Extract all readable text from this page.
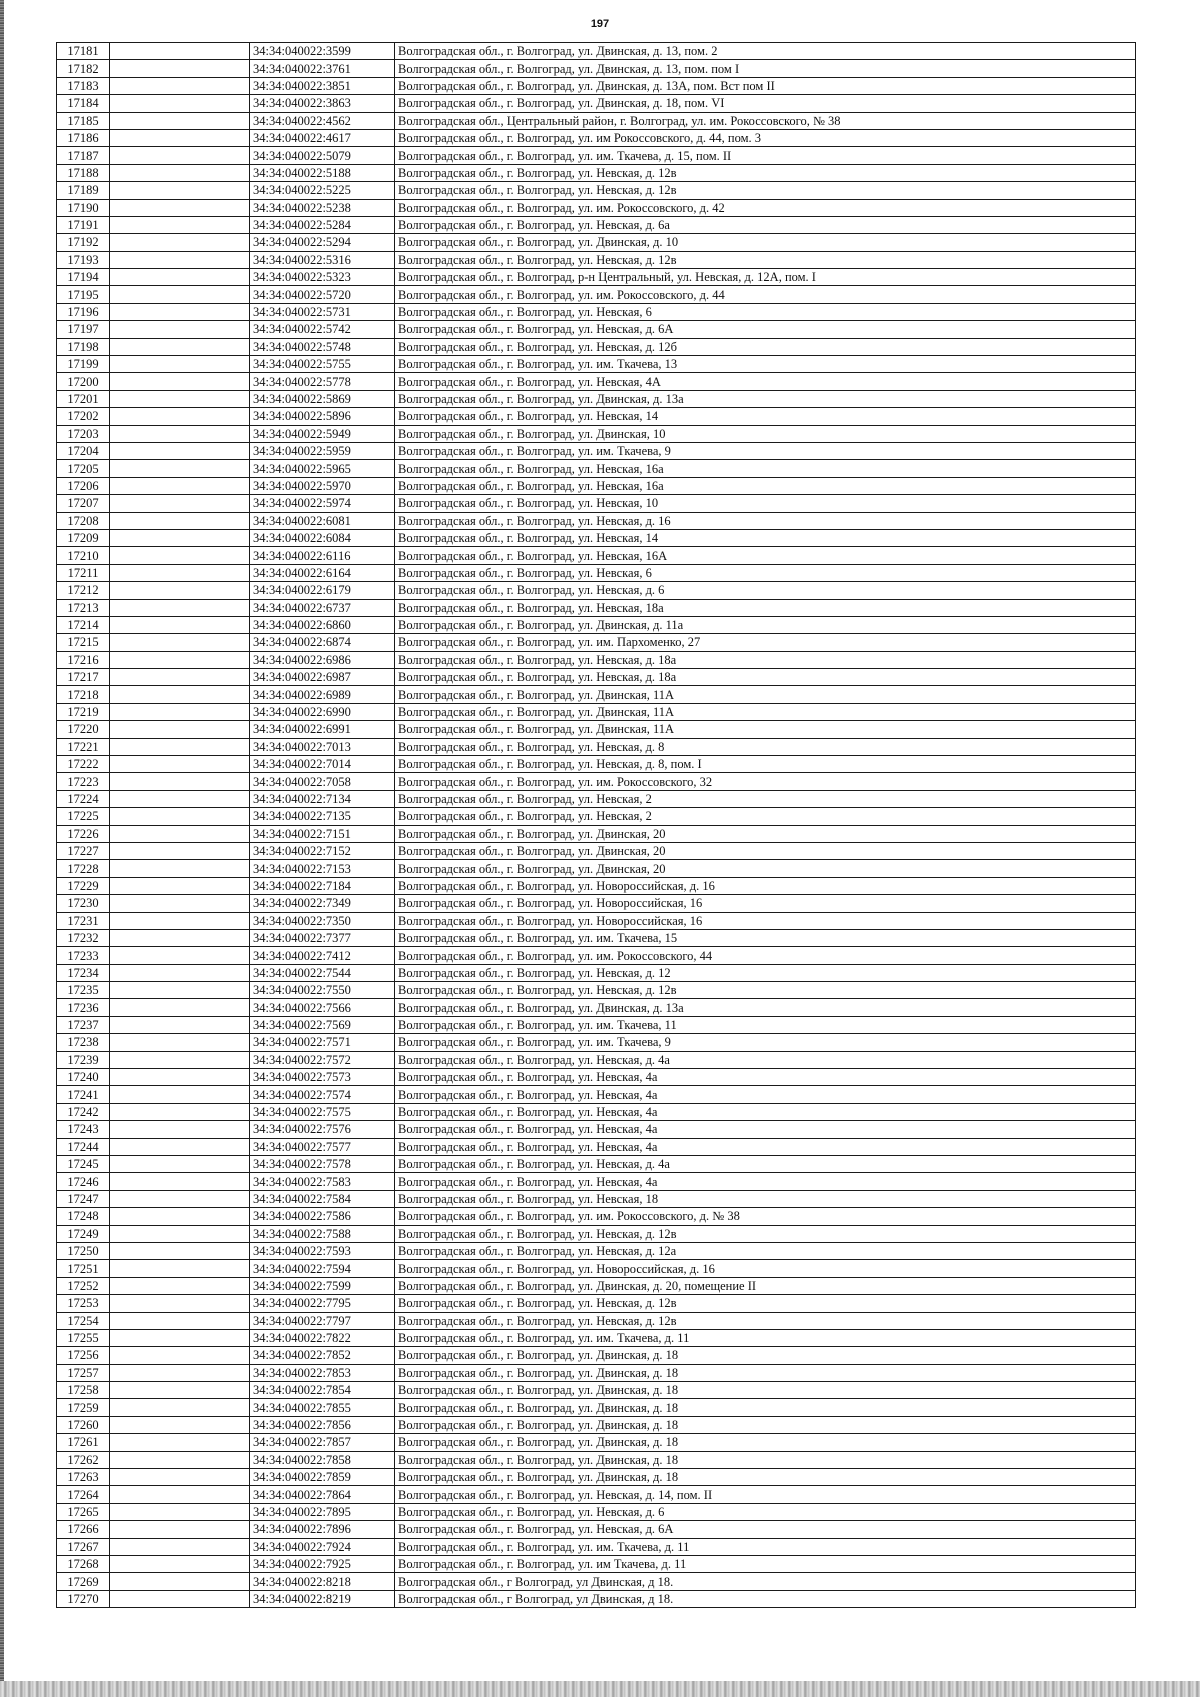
197
17181		34:34:040022:3599	Волгоградская обл., г. Волгоград, ул. Двинская, д. 13, пом. 2
17182		34:34:040022:3761	Волгоградская обл., г. Волгоград, ул. Двинская, д. 13, пом. пом I
17183		34:34:040022:3851	Волгоградская обл., г. Волгоград, ул. Двинская, д. 13А, пом. Вст пом II
17184		34:34:040022:3863	Волгоградская обл., г. Волгоград, ул. Двинская, д. 18, пом. VI
17185		34:34:040022:4562	Волгоградская обл., Центральный район, г. Волгоград, ул. им. Рокоссовского, № 38
17186		34:34:040022:4617	Волгоградская обл., г. Волгоград, ул. им Рокоссовского, д. 44, пом. 3
17187		34:34:040022:5079	Волгоградская обл., г. Волгоград, ул. им. Ткачева, д. 15, пом. II
17188		34:34:040022:5188	Волгоградская обл., г. Волгоград, ул. Невская, д. 12в
17189		34:34:040022:5225	Волгоградская обл., г. Волгоград, ул. Невская, д. 12в
17190		34:34:040022:5238	Волгоградская обл., г. Волгоград, ул. им. Рокоссовского, д. 42
17191		34:34:040022:5284	Волгоградская обл., г. Волгоград, ул. Невская, д. 6а
17192		34:34:040022:5294	Волгоградская обл., г. Волгоград, ул. Двинская, д. 10
17193		34:34:040022:5316	Волгоградская обл., г. Волгоград, ул. Невская, д. 12в
17194		34:34:040022:5323	Волгоградская обл., г. Волгоград, р-н Центральный, ул. Невская, д. 12А, пом. I
17195		34:34:040022:5720	Волгоградская обл., г. Волгоград, ул. им. Рокоссовского, д. 44
17196		34:34:040022:5731	Волгоградская обл., г. Волгоград, ул. Невская, 6
17197		34:34:040022:5742	Волгоградская обл., г. Волгоград, ул. Невская, д. 6А
17198		34:34:040022:5748	Волгоградская обл., г. Волгоград, ул. Невская, д. 12б
17199		34:34:040022:5755	Волгоградская обл., г. Волгоград, ул. им. Ткачева, 13
17200		34:34:040022:5778	Волгоградская обл., г. Волгоград, ул. Невская, 4А
17201		34:34:040022:5869	Волгоградская обл., г. Волгоград, ул. Двинская, д. 13а
17202		34:34:040022:5896	Волгоградская обл., г. Волгоград, ул. Невская, 14
17203		34:34:040022:5949	Волгоградская обл., г. Волгоград, ул. Двинская, 10
17204		34:34:040022:5959	Волгоградская обл., г. Волгоград, ул. им. Ткачева, 9
17205		34:34:040022:5965	Волгоградская обл., г. Волгоград, ул. Невская, 16а
17206		34:34:040022:5970	Волгоградская обл., г. Волгоград, ул. Невская, 16а
17207		34:34:040022:5974	Волгоградская обл., г. Волгоград, ул. Невская, 10
17208		34:34:040022:6081	Волгоградская обл., г. Волгоград, ул. Невская, д. 16
17209		34:34:040022:6084	Волгоградская обл., г. Волгоград, ул. Невская, 14
17210		34:34:040022:6116	Волгоградская обл., г. Волгоград, ул. Невская, 16А
17211		34:34:040022:6164	Волгоградская обл., г. Волгоград, ул. Невская, 6
17212		34:34:040022:6179	Волгоградская обл., г. Волгоград, ул. Невская, д. 6
17213		34:34:040022:6737	Волгоградская обл., г. Волгоград, ул. Невская, 18а
17214		34:34:040022:6860	Волгоградская обл., г. Волгоград, ул. Двинская, д. 11а
17215		34:34:040022:6874	Волгоградская обл., г. Волгоград, ул. им. Пархоменко, 27
17216		34:34:040022:6986	Волгоградская обл., г. Волгоград, ул. Невская, д. 18а
17217		34:34:040022:6987	Волгоградская обл., г. Волгоград, ул. Невская, д. 18а
17218		34:34:040022:6989	Волгоградская обл., г. Волгоград, ул. Двинская, 11А
17219		34:34:040022:6990	Волгоградская обл., г. Волгоград, ул. Двинская, 11А
17220		34:34:040022:6991	Волгоградская обл., г. Волгоград, ул. Двинская, 11А
17221		34:34:040022:7013	Волгоградская обл., г. Волгоград, ул. Невская, д. 8
17222		34:34:040022:7014	Волгоградская обл., г. Волгоград, ул. Невская, д. 8, пом. I
17223		34:34:040022:7058	Волгоградская обл., г. Волгоград, ул. им. Рокоссовского, 32
17224		34:34:040022:7134	Волгоградская обл., г. Волгоград, ул. Невская, 2
17225		34:34:040022:7135	Волгоградская обл., г. Волгоград, ул. Невская, 2
17226		34:34:040022:7151	Волгоградская обл., г. Волгоград, ул. Двинская, 20
17227		34:34:040022:7152	Волгоградская обл., г. Волгоград, ул. Двинская, 20
17228		34:34:040022:7153	Волгоградская обл., г. Волгоград, ул. Двинская, 20
17229		34:34:040022:7184	Волгоградская обл., г. Волгоград, ул. Новороссийская, д. 16
17230		34:34:040022:7349	Волгоградская обл., г. Волгоград, ул. Новороссийская, 16
17231		34:34:040022:7350	Волгоградская обл., г. Волгоград, ул. Новороссийская, 16
17232		34:34:040022:7377	Волгоградская обл., г. Волгоград, ул. им. Ткачева, 15
17233		34:34:040022:7412	Волгоградская обл., г. Волгоград, ул. им. Рокоссовского, 44
17234		34:34:040022:7544	Волгоградская обл., г. Волгоград, ул. Невская, д. 12
17235		34:34:040022:7550	Волгоградская обл., г. Волгоград, ул. Невская, д. 12в
17236		34:34:040022:7566	Волгоградская обл., г. Волгоград, ул. Двинская, д. 13а
17237		34:34:040022:7569	Волгоградская обл., г. Волгоград, ул. им. Ткачева, 11
17238		34:34:040022:7571	Волгоградская обл., г. Волгоград, ул. им. Ткачева, 9
17239		34:34:040022:7572	Волгоградская обл., г. Волгоград, ул. Невская, д. 4а
17240		34:34:040022:7573	Волгоградская обл., г. Волгоград, ул. Невская, 4а
17241		34:34:040022:7574	Волгоградская обл., г. Волгоград, ул. Невская, 4а
17242		34:34:040022:7575	Волгоградская обл., г. Волгоград, ул. Невская, 4а
17243		34:34:040022:7576	Волгоградская обл., г. Волгоград, ул. Невская, 4а
17244		34:34:040022:7577	Волгоградская обл., г. Волгоград, ул. Невская, 4а
17245		34:34:040022:7578	Волгоградская обл., г. Волгоград, ул. Невская, д. 4а
17246		34:34:040022:7583	Волгоградская обл., г. Волгоград, ул. Невская, 4а
17247		34:34:040022:7584	Волгоградская обл., г. Волгоград, ул. Невская, 18
17248		34:34:040022:7586	Волгоградская обл., г. Волгоград, ул. им. Рокоссовского, д. № 38
17249		34:34:040022:7588	Волгоградская обл., г. Волгоград, ул. Невская, д. 12в
17250		34:34:040022:7593	Волгоградская обл., г. Волгоград, ул. Невская, д. 12а
17251		34:34:040022:7594	Волгоградская обл., г. Волгоград, ул. Новороссийская, д. 16
17252		34:34:040022:7599	Волгоградская обл., г. Волгоград, ул. Двинская, д. 20, помещение II
17253		34:34:040022:7795	Волгоградская обл., г. Волгоград, ул. Невская, д. 12в
17254		34:34:040022:7797	Волгоградская обл., г. Волгоград, ул. Невская, д. 12в
17255		34:34:040022:7822	Волгоградская обл., г. Волгоград, ул. им. Ткачева, д. 11
17256		34:34:040022:7852	Волгоградская обл., г. Волгоград, ул. Двинская, д. 18
17257		34:34:040022:7853	Волгоградская обл., г. Волгоград, ул. Двинская, д. 18
17258		34:34:040022:7854	Волгоградская обл., г. Волгоград, ул. Двинская, д. 18
17259		34:34:040022:7855	Волгоградская обл., г. Волгоград, ул. Двинская, д. 18
17260		34:34:040022:7856	Волгоградская обл., г. Волгоград, ул. Двинская, д. 18
17261		34:34:040022:7857	Волгоградская обл., г. Волгоград, ул. Двинская, д. 18
17262		34:34:040022:7858	Волгоградская обл., г. Волгоград, ул. Двинская, д. 18
17263		34:34:040022:7859	Волгоградская обл., г. Волгоград, ул. Двинская, д. 18
17264		34:34:040022:7864	Волгоградская обл., г. Волгоград, ул. Невская, д. 14, пом. II
17265		34:34:040022:7895	Волгоградская обл., г. Волгоград, ул. Невская, д. 6
17266		34:34:040022:7896	Волгоградская обл., г. Волгоград, ул. Невская, д. 6А
17267		34:34:040022:7924	Волгоградская обл., г. Волгоград, ул. им. Ткачева, д. 11
17268		34:34:040022:7925	Волгоградская обл., г. Волгоград, ул. им Ткачева, д. 11
17269		34:34:040022:8218	Волгоградская обл., г Волгоград, ул Двинская, д 18.
17270		34:34:040022:8219	Волгоградская обл., г Волгоград, ул Двинская, д 18.
